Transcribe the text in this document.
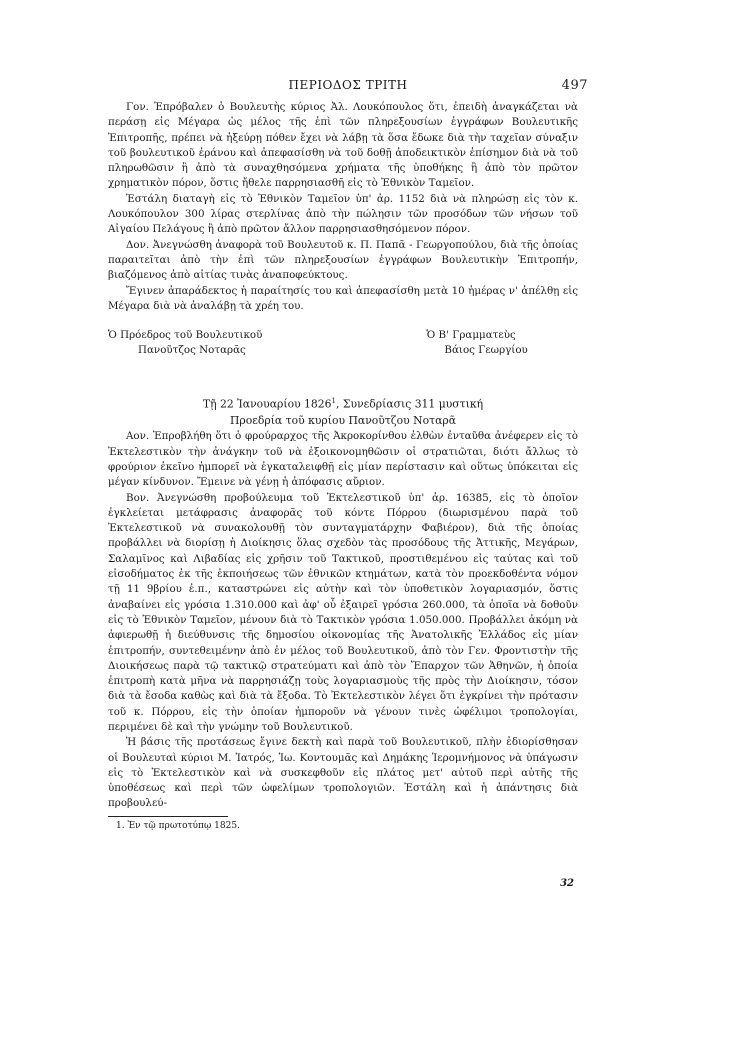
ΠΕΡΙΟΔΟΣ ΤΡΙΤΗ	497

Γον. Ἐπρόβαλεν ὁ Βουλευτὴς κύριος Ἀλ. Λουκόπουλος ὅτι, ἐπειδὴ ἀναγκάζεται νὰ περάσῃ εἰς Μέγαρα ὡς μέλος τῆς ἐπὶ τῶν πληρεξουσίων ἐγγράφων Βουλευτικῆς Ἐπιτροπῆς, πρέπει νὰ ἠξεύρῃ πόθεν ἔχει νὰ λάβῃ τὰ ὅσα ἔδωκε διὰ τὴν ταχεῖαν σύναξιν τοῦ βουλευτικοῦ ἐράνου καὶ ἀπεφασίσθη νὰ τοῦ δοθῇ ἀποδεικτικὸν ἐπίσημον διὰ νὰ τοῦ πληρωθῶσιν ἢ ἀπὸ τὰ συναχθησόμενα χρήματα τῆς ὑποθήκης ἢ ἀπὸ τὸν πρῶτον χρηματικὸν πόρον, ὅστις ἤθελε παρρησιασθῆ εἰς τὸ Ἐθνικὸν Ταμεῖον.

Ἐστάλη διαταγὴ εἰς τὸ Ἐθνικὸν Ταμεῖον ὑπ' ἀρ. 1152 διὰ νὰ πληρώσῃ εἰς τὸν κ. Λουκόπουλον 300 λίρας στερλίνας ἀπὸ τὴν πώλησιν τῶν προσόδων τῶν νήσων τοῦ Αἰγαίου Πελάγους ἢ ἀπὸ πρῶτον ἄλλον παρρησιασθησόμενον πόρον.

Δον. Ἀνεγνώσθη ἀναφορὰ τοῦ Βουλευτοῦ κ. Π. Παπᾶ - Γεωργοπούλου, διὰ τῆς ὁποίας παραιτεῖται ἀπὸ τὴν ἐπὶ τῶν πληρεξουσίων ἐγγράφων Βουλευτικὴν Ἐπιτροπήν, βιαζόμενος ἀπὸ αἰτίας τινὰς ἀναποφεύκτους.

Ἔγινεν ἀπαράδεκτος ἡ παραίτησίς του καὶ ἀπεφασίσθη μετὰ 10 ἡμέρας ν' ἀπέλθῃ εἰς Μέγαρα διὰ νὰ ἀναλάβῃ τὰ χρέη του.

Ὁ Πρόεδρος τοῦ Βουλευτικοῦ
Πανοῦτζος Νοταρᾶς
Ὁ Β' Γραμματεὺς
Βάιος Γεωργίου
Τῇ 22 Ἰανουαρίου 1826$^1$, Συνεδρίασις 311 μυστική
Προεδρία τοῦ κυρίου Πανοῦτζου Νοταρᾶ

Αον. Ἐπροβλήθη ὅτι ὁ φρούραρχος τῆς Ἀκροκορίνθου ἐλθὼν ἐνταῦθα ἀνέφερεν εἰς τὸ Ἐκτελεστικὸν τὴν ἀνάγκην τοῦ νὰ ἐξοικονομηθῶσιν οἱ στρατιῶται, διότι ἄλλως τὸ φρούριον ἐκεῖνο ἠμπορεῖ νὰ ἐγκαταλειφθῇ εἰς μίαν περίστασιν καὶ οὕτως ὑπόκειται εἰς μέγαν κίνδυνον. Ἔμεινε νὰ γένῃ ἡ ἀπόφασις αὔριον.

Βον. Ἀνεγνώσθη προβούλευμα τοῦ Ἐκτελεστικοῦ ὑπ' ἀρ. 16385, εἰς τὸ ὁποῖον ἐγκλείεται μετάφρασις ἀναφορᾶς τοῦ κόντε Πόρρου (διωρισμένου παρὰ τοῦ Ἐκτελεστικοῦ νὰ συνακολουθῇ τὸν συνταγματάρχην Φαβιέρον), διὰ τῆς ὁποίας προβάλλει νὰ διορίσῃ ἡ Διοίκησις ὅλας σχεδὸν τὰς προσόδους τῆς Ἀττικῆς, Μεγάρων, Σαλαμῖνος καὶ Λιβαδίας εἰς χρῆσιν τοῦ Τακτικοῦ, προστιθεμένου εἰς ταύτας καὶ τοῦ εἰσοδήματος ἐκ τῆς ἐκποιήσεως τῶν ἐθνικῶν κτημάτων, κατὰ τὸν προεκδοθέντα νόμον τῇ 11 9βρίου ἐ.π., καταστρώνει εἰς αὐτὴν καὶ τὸν ὑποθετικὸν λογαριασμόν, ὅστις ἀναβαίνει εἰς γρόσια 1.310.000 καὶ ἀφ' οὗ ἐξαιρεῖ γρόσια 260.000, τὰ ὁποῖα νὰ δοθοῦν εἰς τὸ Ἐθνικὸν Ταμεῖον, μένουν διὰ τὸ Τακτικὸν γρόσια 1.050.000. Προβάλλει ἀκόμη νὰ ἀφιερωθῇ ἡ διεύθυνσις τῆς δημοσίου οἰκονομίας τῆς Ἀνατολικῆς Ἑλλάδος εἰς μίαν ἐπιτροπήν, συντεθειμένην ἀπὸ ἐν μέλος τοῦ Βουλευτικοῦ, ἀπὸ τὸν Γεν. Φροντιστὴν τῆς Διοικήσεως παρὰ τῷ τακτικῷ στρατεύματι καὶ ἀπὸ τὸν Ἔπαρχον τῶν Ἀθηνῶν, ἡ ὁποία ἐπιτροπὴ κατὰ μῆνα νὰ παρρησιάζῃ τοὺς λογαριασμοὺς τῆς πρὸς τὴν Διοίκησιν, τόσον διὰ τὰ ἔσοδα καθὼς καὶ διὰ τὰ ἔξοδα. Τὸ Ἐκτελεστικὸν λέγει ὅτι ἐγκρίνει τὴν πρότασιν τοῦ κ. Πόρρου, εἰς τὴν ὁποίαν ἠμποροῦν νὰ γένουν τινὲς ὠφέλιμοι τροπολογίαι, περιμένει δὲ καὶ τὴν γνώμην τοῦ Βουλευτικοῦ.

Ἡ βάσις τῆς προτάσεως ἔγινε δεκτὴ καὶ παρὰ τοῦ Βουλευτικοῦ, πλὴν ἐδιορίσθησαν οἱ Βουλευταὶ κύριοι Μ. Ἰατρός, Ἰω. Κοντουμᾶς καὶ Δημάκης Ἱερομνήμονος νὰ ὑπάγωσιν εἰς τὸ Ἐκτελεστικὸν καὶ νὰ συσκεφθοῦν εἰς πλάτος μετ' αὐτοῦ περὶ αὐτῆς τῆς ὑποθέσεως καὶ περὶ τῶν ὠφελίμων τροπολογιῶν. Ἐστάλη καὶ ἡ ἀπάντησις διὰ προβουλεύ-

1. Ἐν τῷ πρωτοτύπῳ 1825.
32
